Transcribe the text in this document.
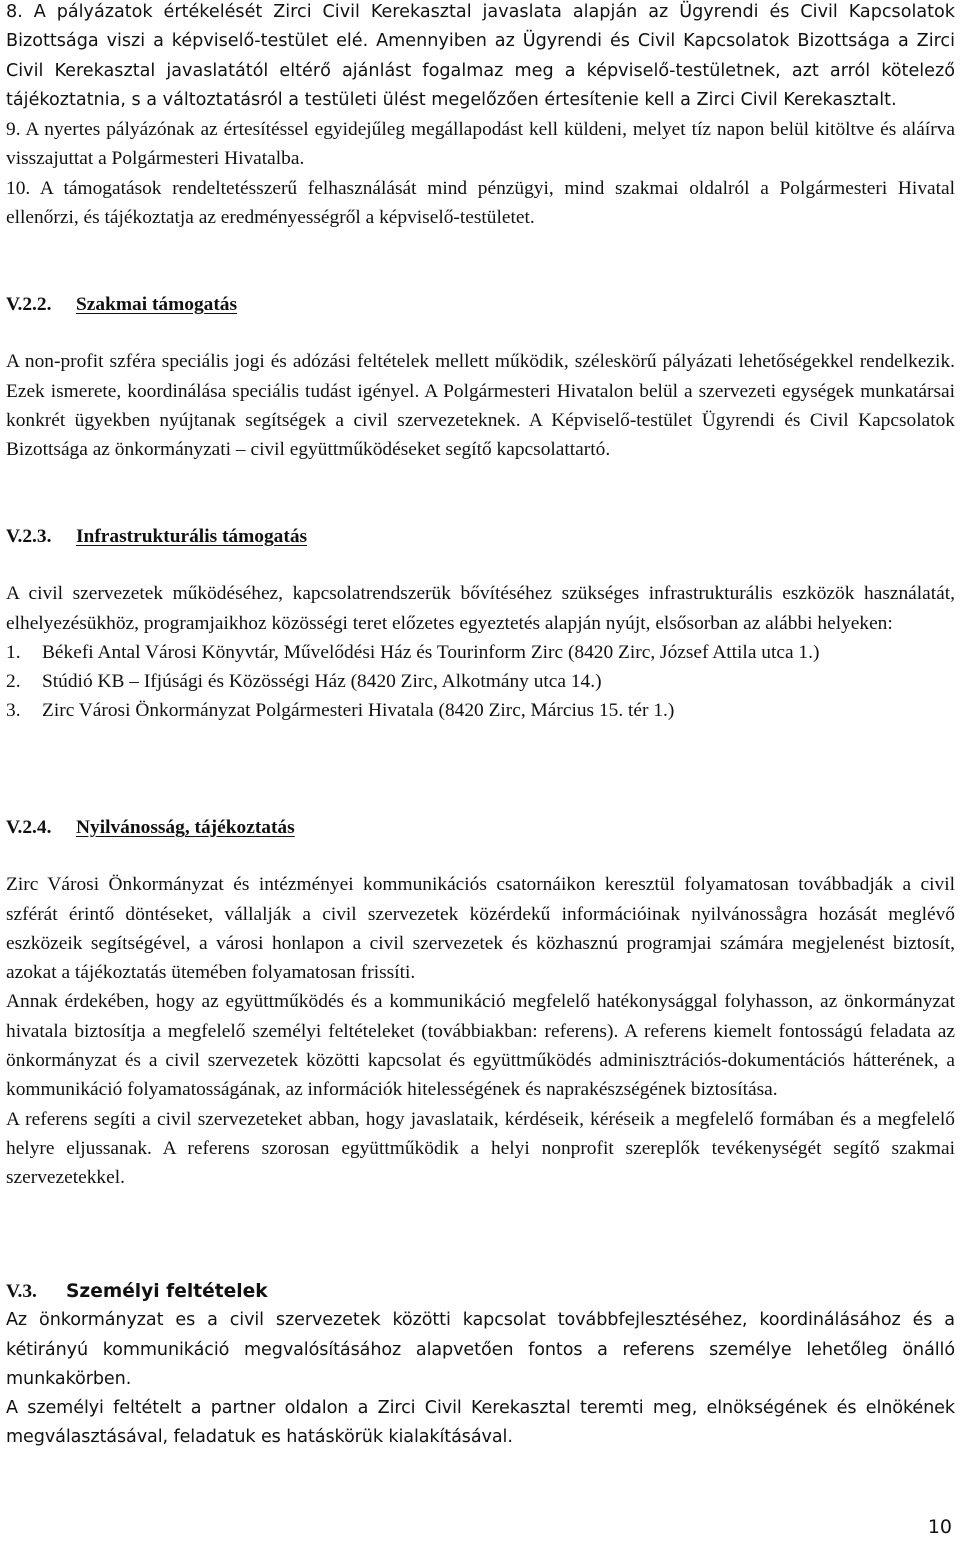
8. A pályázatok értékelését Zirci Civil Kerekasztal javaslata alapján az Ügyrendi és Civil Kapcsolatok Bizottsága viszi a képviselő-testület elé. Amennyiben az Ügyrendi és Civil Kapcsolatok Bizottsága a Zirci Civil Kerekasztal javaslatától eltérő ajánlást fogalmaz meg a képviselő-testületnek, azt arról kötelező tájékoztatnia, s a változtatásról a testületi ülést megelőzően értesítenie kell a Zirci Civil Kerekasztalt.

9. A nyertes pályázónak az értesítéssel egyidejűleg megállapodást kell küldeni, melyet tíz napon belül kitöltve és aláírva visszajuttat a Polgármesteri Hivatalba.

10. A támogatások rendeltetésszerű felhasználását mind pénzügyi, mind szakmai oldalról a Polgármesteri Hivatal ellenőrzi, és tájékoztatja az eredményességről a képviselő-testületet.

V.2.2. Szakmai támogatás

A non-profit szféra speciális jogi és adózási feltételek mellett működik, széleskörű pályázati lehetőségekkel rendelkezik. Ezek ismerete, koordinálása speciális tudást igényel. A Polgármesteri Hivatalon belül a szervezeti egységek munkatársai konkrét ügyekben nyújtanak segítségek a civil szervezeteknek. A Képviselő-testület Ügyrendi és Civil Kapcsolatok Bizottsága az önkormányzati – civil együttműködéseket segítő kapcsolattartó.

V.2.3. Infrastrukturális támogatás

A civil szervezetek működéséhez, kapcsolatrendszerük bővítéséhez szükséges infrastrukturális eszközök használatát, elhelyezésükhöz, programjaikhoz közösségi teret előzetes egyeztetés alapján nyújt, elsősorban az alábbi helyeken:

1. Békefi Antal Városi Könyvtár, Művelődési Ház és Tourinform Zirc (8420 Zirc, József Attila utca 1.)
2. Stúdió KB – Ifjúsági és Közösségi Ház (8420 Zirc, Alkotmány utca 14.)
3. Zirc Városi Önkormányzat Polgármesteri Hivatala (8420 Zirc, Március 15. tér 1.)
V.2.4. Nyilvánosság, tájékoztatás

Zirc Városi Önkormányzat és intézményei kommunikációs csatornáikon keresztül folyamatosan továbbadják a civil szférát érintő döntéseket, vállalják a civil szervezetek közérdekű információinak nyilvánossågra hozását meglévő eszközeik segítségével, a városi honlapon a civil szervezetek és közhasznú programjai számára megjelenést biztosít, azokat a tájékoztatás ütemében folyamatosan frissíti.

Annak érdekében, hogy az együttműködés és a kommunikáció megfelelő hatékonysággal folyhasson, az önkormányzat hivatala biztosítja a megfelelő személyi feltételeket (továbbiakban: referens). A referens kiemelt fontosságú feladata az önkormányzat és a civil szervezetek közötti kapcsolat és együttműködés adminisztrációs-dokumentációs hátterének, a kommunikáció folyamatosságának, az információk hitelességének és naprakészségének biztosítása.

A referens segíti a civil szervezeteket abban, hogy javaslataik, kérdéseik, kéréseik a megfelelő formában és a megfelelő helyre eljussanak. A referens szorosan együttműködik a helyi nonprofit szereplők tevékenységét segítő szakmai szervezetekkel.

V.3. Személyi feltételek

Az önkormányzat es a civil szervezetek közötti kapcsolat továbbfejlesztéséhez, koordinálásához és a kétirányú kommunikáció megvalósításához alapvetően fontos a referens személye lehetőleg önálló munkakörben.

A személyi feltételt a partner oldalon a Zirci Civil Kerekasztal teremti meg, elnökségének és elnökének megválasztásával, feladatuk es hatáskörük kialakításával.

10
